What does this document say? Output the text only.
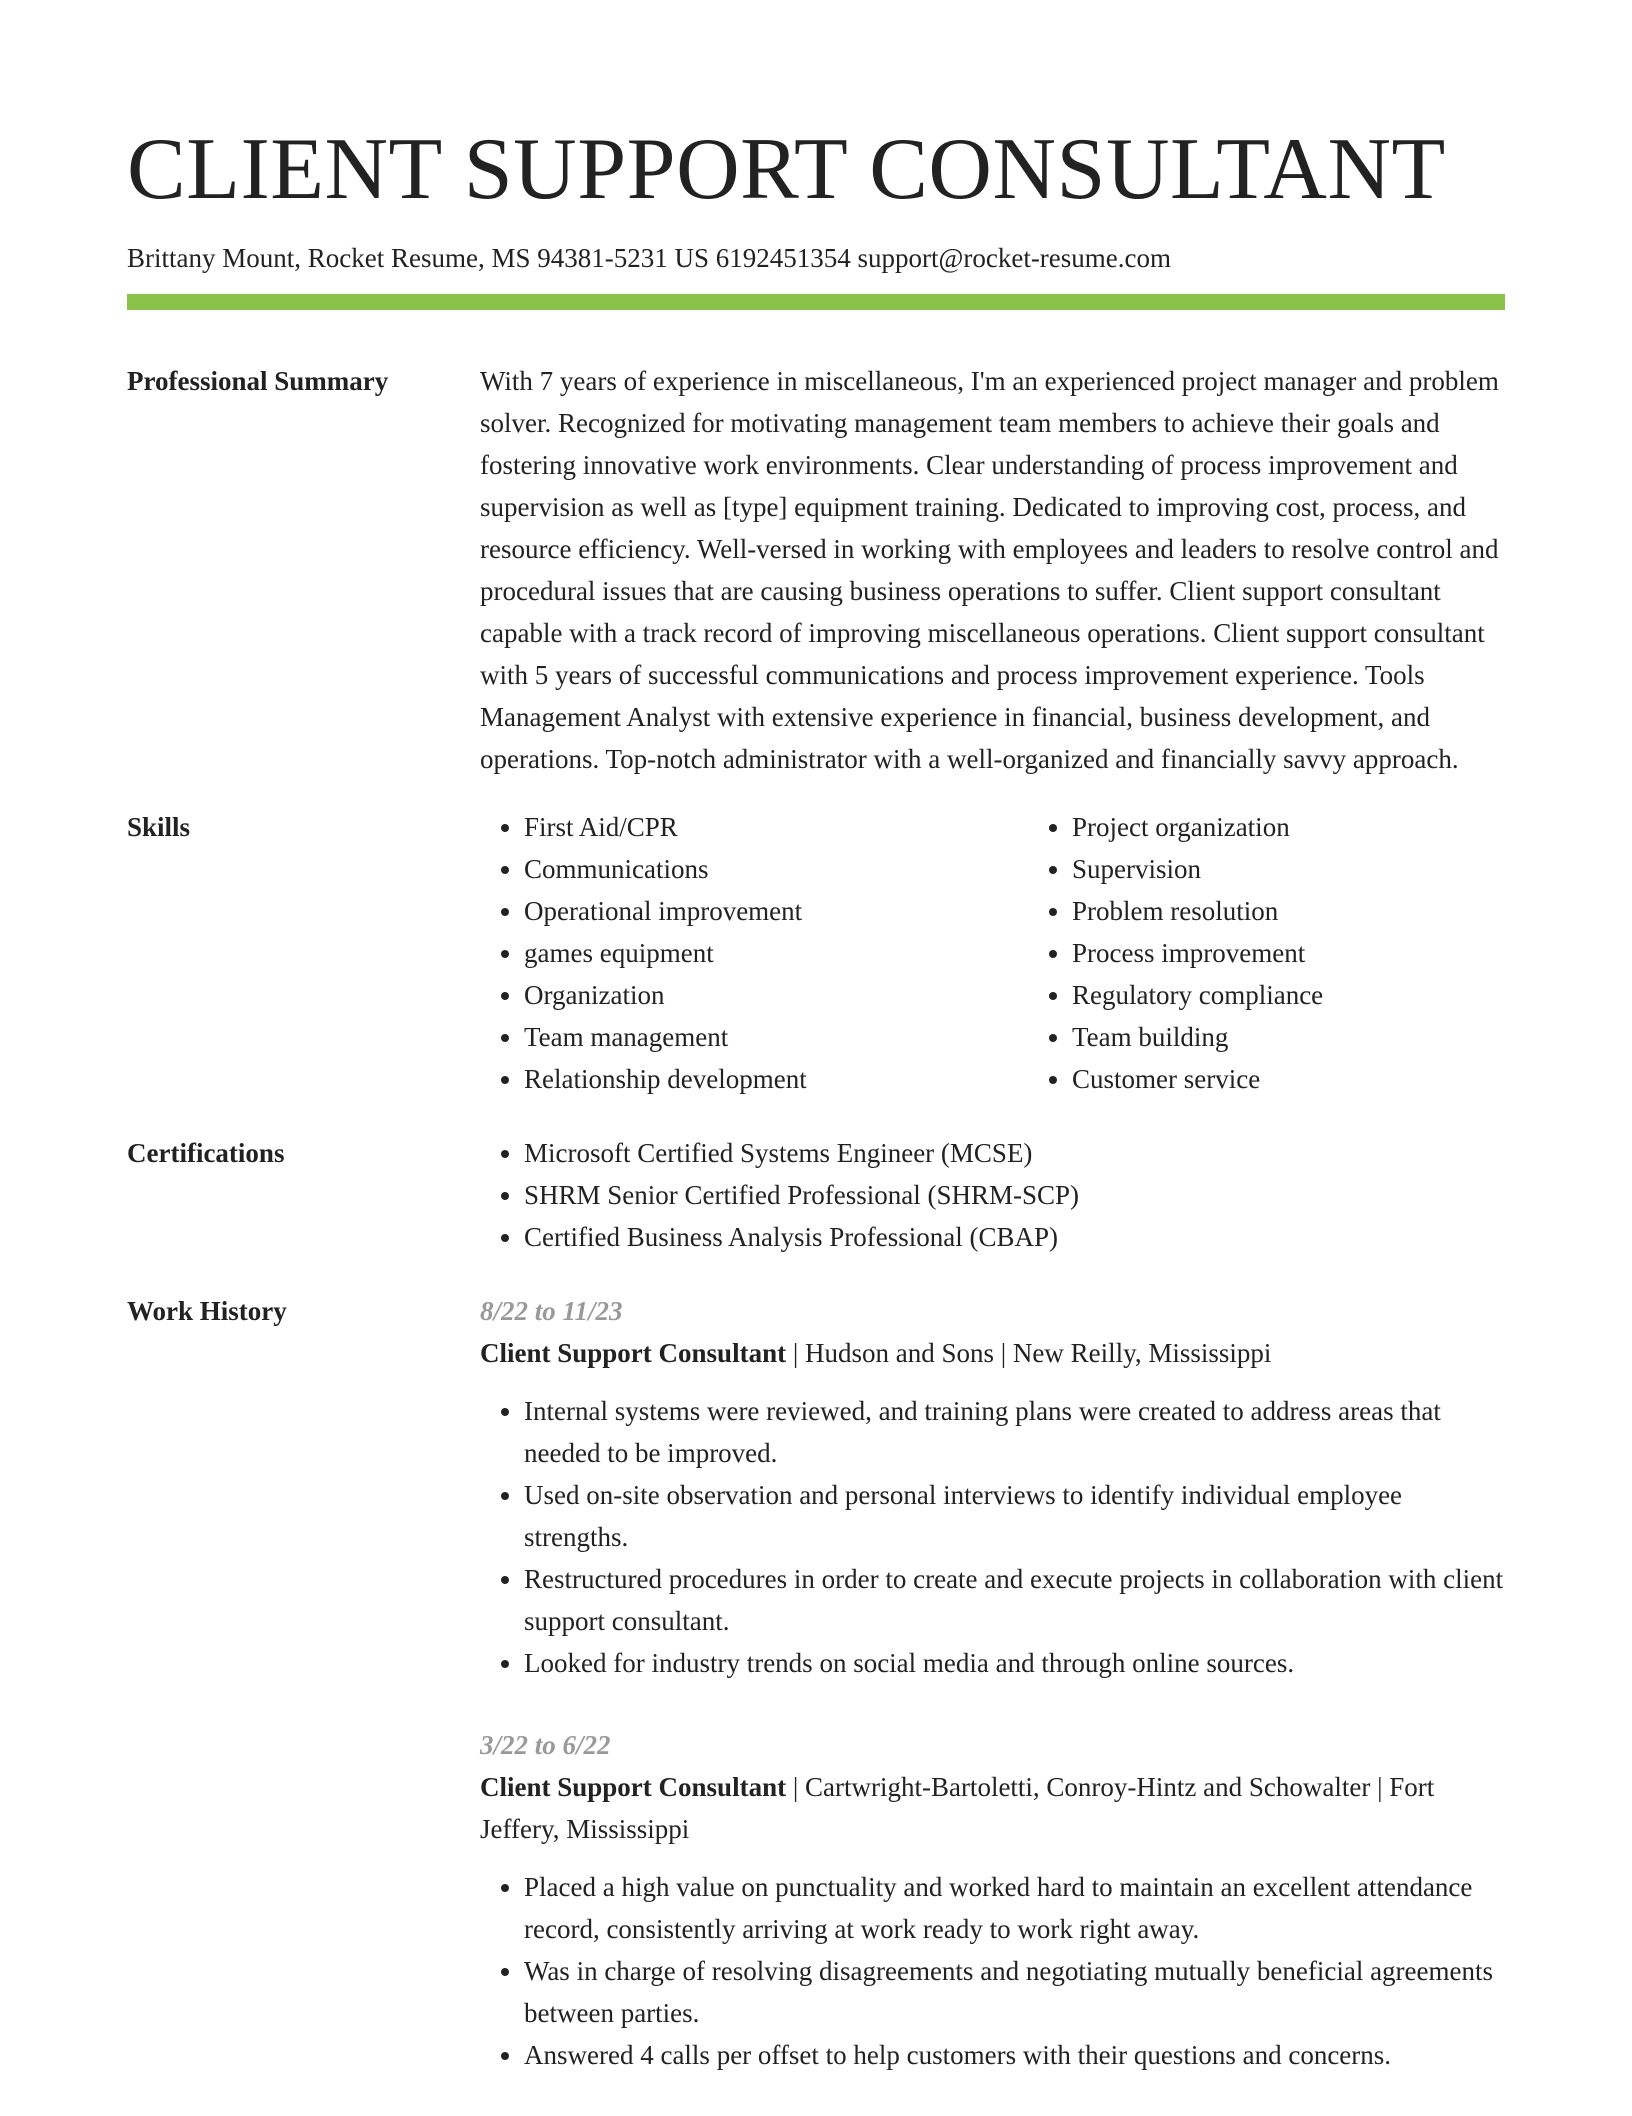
CLIENT SUPPORT CONSULTANT
Brittany Mount, Rocket Resume, MS 94381-5231 US 6192451354 support@rocket-resume.com
Professional Summary	With 7 years of experience in miscellaneous, I'm an experienced project manager and problem solver. Recognized for motivating management team members to achieve their goals and fostering innovative work environments. Clear understanding of process improvement and supervision as well as [type] equipment training. Dedicated to improving cost, process, and resource efficiency. Well-versed in working with employees and leaders to resolve control and procedural issues that are causing business operations to suffer. Client support consultant capable with a track record of improving miscellaneous operations. Client support consultant with 5 years of successful communications and process improvement experience. Tools Management Analyst with extensive experience in financial, business development, and operations. Top-notch administrator with a well-organized and financially savvy approach.

Skills	• First Aid/CPR
• Communications
• Operational improvement
• games equipment
• Organization
• Team management
• Relationship development
• Project organization
• Supervision
• Problem resolution
• Process improvement
• Regulatory compliance
• Team building
• Customer service
Certifications	• Microsoft Certified Systems Engineer (MCSE)
• SHRM Senior Certified Professional (SHRM-SCP)
• Certified Business Analysis Professional (CBAP)
Work History	8/22 to 11/23
Client Support Consultant | Hudson and Sons | New Reilly, Mississippi
• Internal systems were reviewed, and training plans were created to address areas that needed to be improved.
• Used on-site observation and personal interviews to identify individual employee strengths.
• Restructured procedures in order to create and execute projects in collaboration with client support consultant.
• Looked for industry trends on social media and through online sources.
3/22 to 6/22
Client Support Consultant | Cartwright-Bartoletti, Conroy-Hintz and Schowalter | Fort Jeffery, Mississippi
• Placed a high value on punctuality and worked hard to maintain an excellent attendance record, consistently arriving at work ready to work right away.
• Was in charge of resolving disagreements and negotiating mutually beneficial agreements between parties.
• Answered 4 calls per offset to help customers with their questions and concerns.
